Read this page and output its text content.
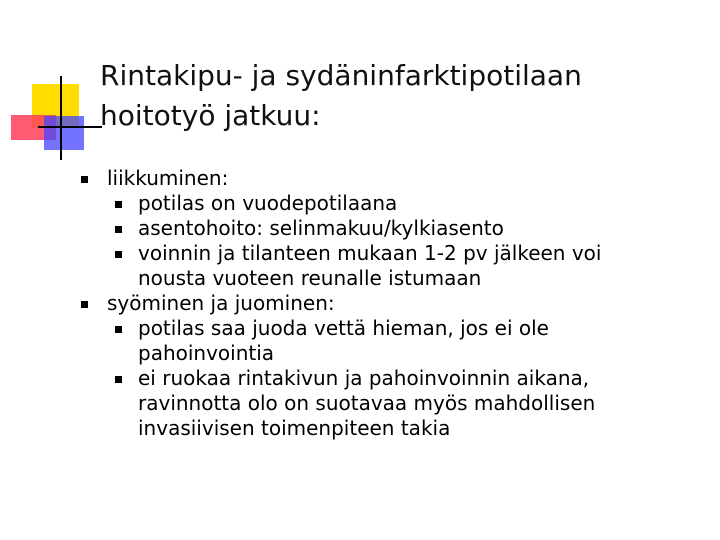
Rintakipu- ja sydäninfarktipotilaan
hoitotyö jatkuu:
liikkuminen:
potilas on vuodepotilaana
asentohoito: selinmakuu/kylkiasento
voinnin ja tilanteen mukaan 1-2 pv jälkeen voi
nousta vuoteen reunalle istumaan
syöminen ja juominen:
potilas saa juoda vettä hieman, jos ei ole
pahoinvointia
ei ruokaa rintakivun ja pahoinvoinnin aikana,
ravinnotta olo on suotavaa myös mahdollisen
invasiivisen toimenpiteen takia
